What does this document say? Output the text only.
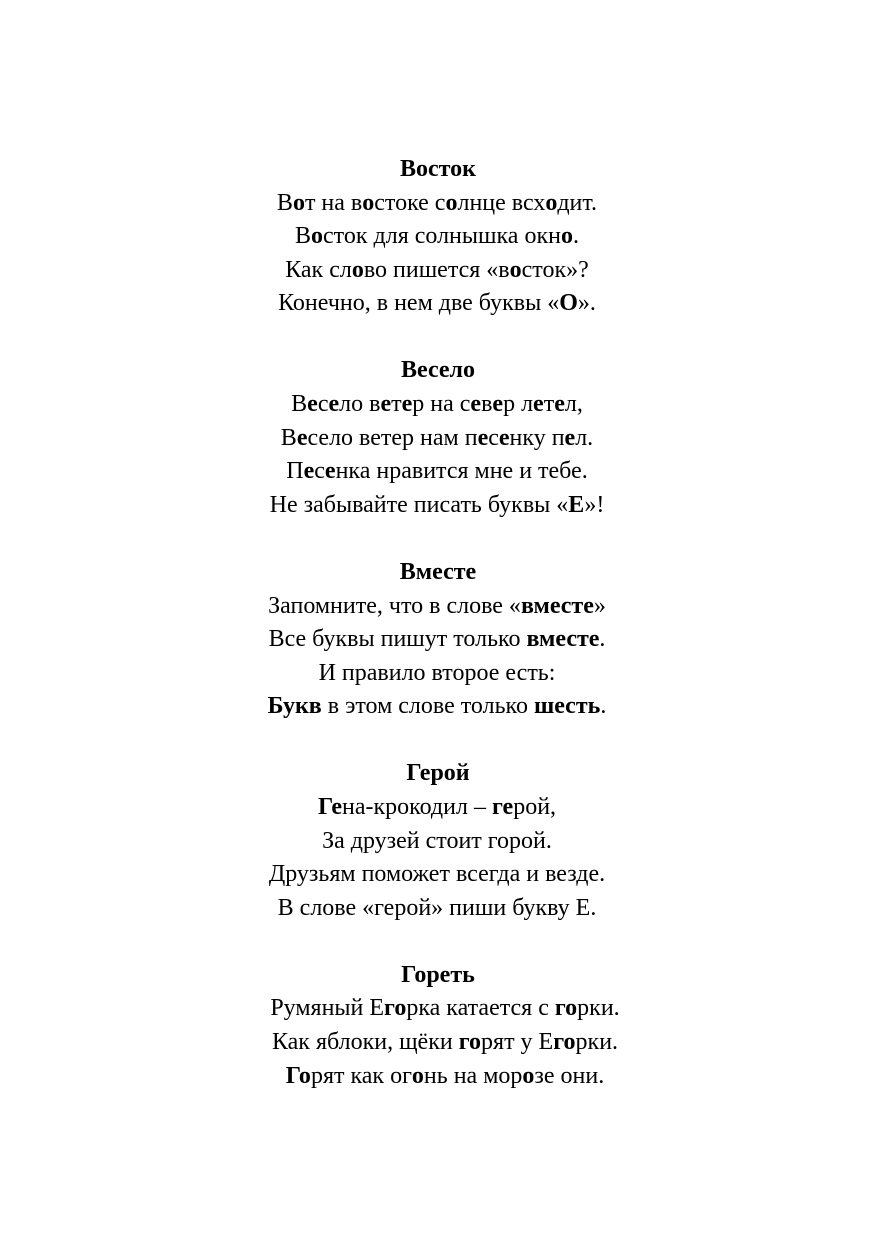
Восток

Вот на востоке солнце всходит.

Восток для солнышка окно.

Как слово пишется «восток»?

Конечно, в нем две буквы «О».

Весело

Весело ветер на север летел,

Весело ветер нам песенку пел.

Песенка нравится мне и тебе.

Не забывайте писать буквы «Е»!

Вместе

Запомните, что в слове «вместе»

Все буквы пишут только вместе.

И правило второе есть:

Букв в этом слове только шесть.

Герой

Гена-крокодил – герой,

За друзей стоит горой.

Друзьям поможет всегда и везде.

В слове «герой» пиши букву Е.

Гореть

Румяный Егорка катается с горки.

Как яблоки, щёки горят у Егорки.

Горят как огонь на морозе они.
